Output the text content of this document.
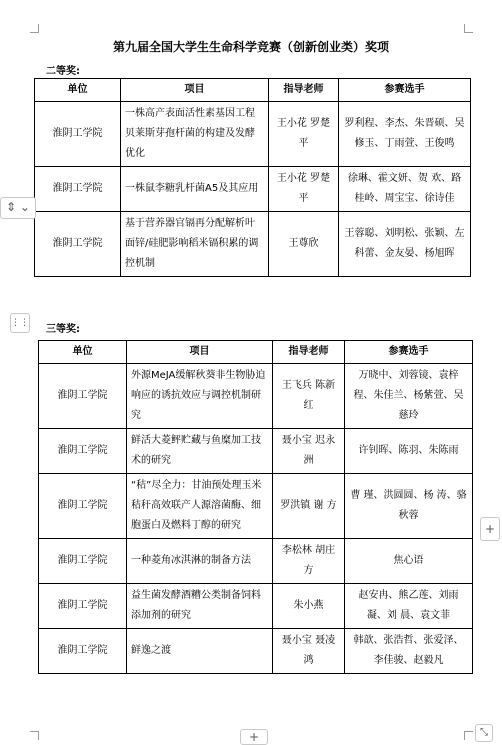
第九届全国大学生生命科学竞赛（创新创业类）奖项
二等奖:
单位	项目	指导老师	参赛选手
淮阴工学院	一株高产表面活性素基因工程贝莱斯芽孢杆菌的构建及发酵优化	王小花 罗楚平	罗利程、李杰、朱晋硕、吴修玉、丁雨萱、王俊鸣
淮阴工学院	一株鼠李糖乳杆菌A5及其应用	王小花 罗楚平	徐琳、霍文妍、贺 欢、路桂岭、周宝宝、徐诗佳
淮阴工学院	基于营养器官镉再分配解析叶面锌/硅肥影响稻米镉积累的调控机制	王尊欣	王蓉聪、刘明松、张颖、左科蕾、金友晏、杨旭晖
三等奖:
单位	项目	指导老师	参赛选手
淮阴工学院	外源MeJA缓解秋葵非生物胁迫响应的诱抗效应与调控机制研究	王飞兵 陈新红	万晓中、刘蓉镜、袁梓程、朱佳兰、杨紫萱、吴慈玲
淮阴工学院	鲜活大菱鲆贮藏与鱼糜加工技术的研究	聂小宝 迟永洲	许钊晖、陈羽、朱陈雨
淮阴工学院	“秸”尽全力：甘油预处理玉米秸秆高效联产人源溶菌酶、细胞蛋白及燃料丁醇的研究	罗洪镇 谢 方	曹 瑾、洪圆圆、杨 涛、骆秋蓉
淮阴工学院	一种菱角冰淇淋的制备方法	李松林 胡庄方	焦心语
淮阴工学院	益生菌发酵酒糟公类制备饲料添加剂的研究	朱小燕	赵安冉、熊乙莲、刘雨凝、刘 晨、袁文菲
淮阴工学院	鲜逸之渡	聂小宝 聂凌鸿	韩歆、张浩哲、张爱泽、李佳骏、赵毅凡
⇕ ⌄
⋮⋮
+
+	⤡
